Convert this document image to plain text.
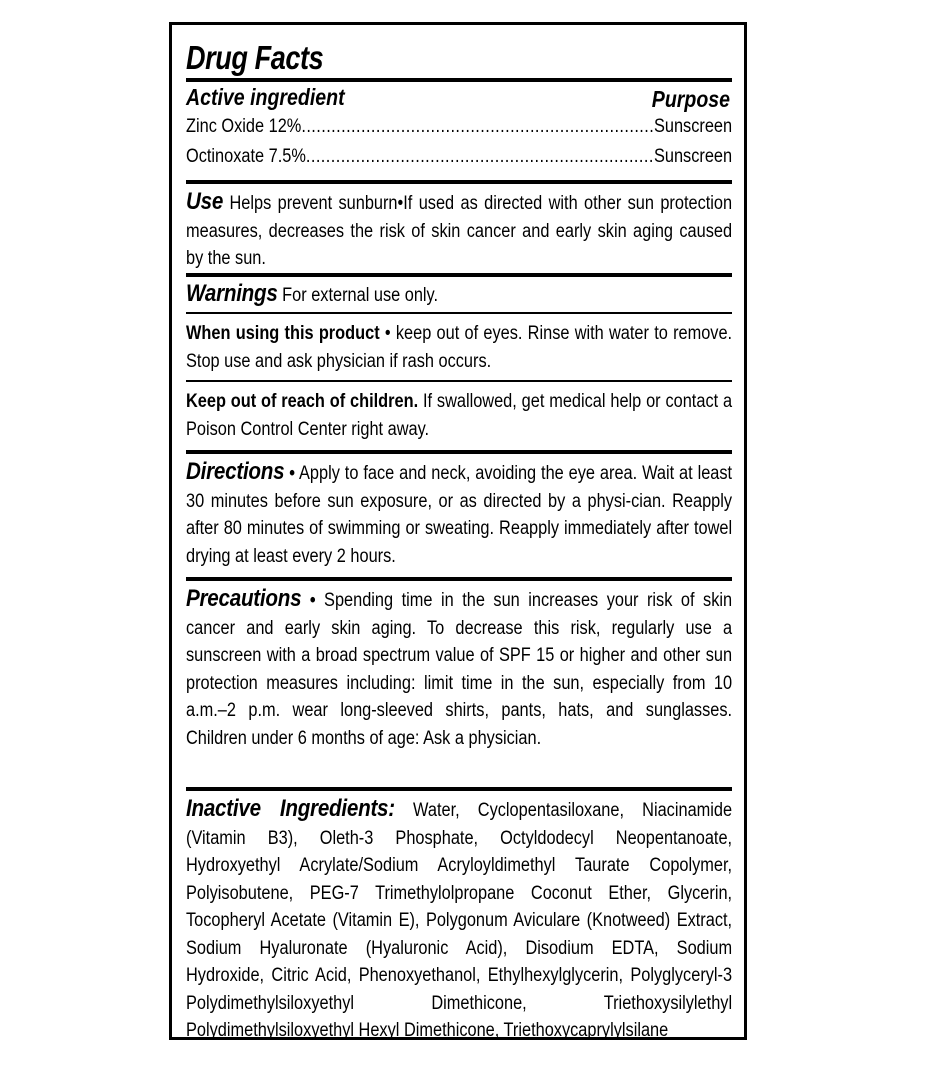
Drug Facts
Active ingredient	Purpose
Zinc Oxide 12% .....	Sunscreen
Octinoxate 7.5% .....	Sunscreen
Use Helps prevent sunburn•If used as directed with other sun protection measures, decreases the risk of skin cancer and early skin aging caused by the sun.
Warnings For external use only.
When using this product • keep out of eyes. Rinse with water to remove. Stop use and ask physician if rash occurs.
Keep out of reach of children. If swallowed, get medical help or contact a Poison Control Center right away.
Directions • Apply to face and neck, avoiding the eye area. Wait at least 30 minutes before sun exposure, or as directed by a physi-cian. Reapply after 80 minutes of swimming or sweating. Reapply immediately after towel drying at least every 2 hours.
Precautions • Spending time in the sun increases your risk of skin cancer and early skin aging. To decrease this risk, regularly use a sunscreen with a broad spectrum value of SPF 15 or higher and other sun protection measures including: limit time in the sun, especially from 10 a.m.–2 p.m. wear long-sleeved shirts, pants, hats, and sunglasses. Children under 6 months of age: Ask a physician.
Inactive Ingredients: Water, Cyclopentasiloxane, Niacinamide (Vitamin B3), Oleth-3 Phosphate, Octyldodecyl Neopentanoate, Hydroxyethyl Acrylate/Sodium Acryloyldimethyl Taurate Copolymer, Polyisobutene, PEG-7 Trimethylolpropane Coconut Ether, Glycerin, Tocopheryl Acetate (Vitamin E), Polygonum Aviculare (Knotweed) Extract, Sodium Hyaluronate (Hyaluronic Acid), Disodium EDTA, Sodium Hydroxide, Citric Acid, Phenoxyethanol, Ethylhexylglycerin, Polyglyceryl-3 Polydimethylsiloxyethyl Dimethicone, Triethoxysilylethyl Polydimethylsiloxyethyl Hexyl Dimethicone, Triethoxycaprylylsilane
